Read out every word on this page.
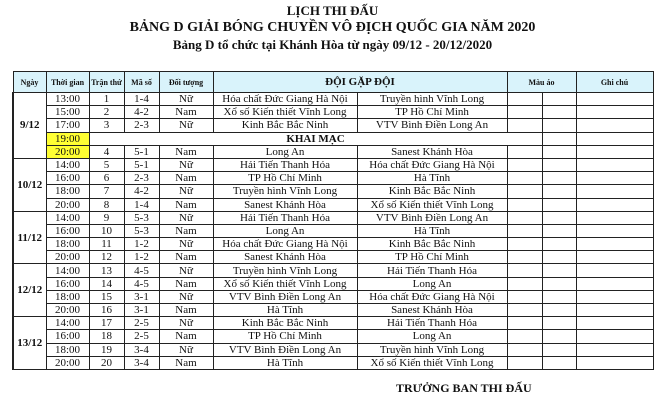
LỊCH THI ĐẤU
BẢNG D GIẢI BÓNG CHUYỀN VÔ ĐỊCH QUỐC GIA NĂM 2020
Bảng D tổ chức tại Khánh Hòa từ ngày 09/12 - 20/12/2020
Ngày	Thời gian	Trận thứ	Mã số	Đối tượng	ĐỘI GẶP ĐỘI		Màu áo		Ghi chú	
9/12	13:00	1	1-4	Nữ	Hóa chất Đức Giang Hà Nội	Truyền hình Vĩnh Long				
	15:00	2	4-2	Nam	Xổ số Kiến thiết Vĩnh Long	TP Hồ Chí Minh				
	17:00	3	2-3	Nữ	Kinh Bắc Bắc Ninh	VTV Bình Điền Long An				
	19:00	KHAI MẠC								
	20:00	4	5-1	Nam	Long An	Sanest Khánh Hòa				
10/12	14:00	5	5-1	Nữ	Hải Tiến Thanh Hóa	Hóa chất Đức Giang Hà Nội				
	16:00	6	2-3	Nam	TP Hồ Chí Minh	Hà Tĩnh				
	18:00	7	4-2	Nữ	Truyền hình Vĩnh Long	Kinh Bắc Bắc Ninh				
	20:00	8	1-4	Nam	Sanest Khánh Hòa	Xổ số Kiến thiết Vĩnh Long				
11/12	14:00	9	5-3	Nữ	Hải Tiến Thanh Hóa	VTV Bình Điền Long An				
	16:00	10	5-3	Nam	Long An	Hà Tĩnh				
	18:00	11	1-2	Nữ	Hóa chất Đức Giang Hà Nội	Kinh Bắc Bắc Ninh				
	20:00	12	1-2	Nam	Sanest Khánh Hòa	TP Hồ Chí Minh				
12/12	14:00	13	4-5	Nữ	Truyền hình Vĩnh Long	Hải Tiến Thanh Hóa				
	16:00	14	4-5	Nam	Xổ số Kiến thiết Vĩnh Long	Long An				
	18:00	15	3-1	Nữ	VTV Bình Điền Long An	Hóa chất Đức Giang Hà Nội				
	20:00	16	3-1	Nam	Hà Tĩnh	Sanest Khánh Hòa				
13/12	14:00	17	2-5	Nữ	Kinh Bắc Bắc Ninh	Hải Tiến Thanh Hóa				
	16:00	18	2-5	Nam	TP Hồ Chí Minh	Long An				
	18:00	19	3-4	Nữ	VTV Bình Điền Long An	Truyền hình Vĩnh Long				
	20:00	20	3-4	Nam	Hà Tĩnh	Xổ số Kiến thiết Vĩnh Long				
TRƯỞNG BAN THI ĐẤU
